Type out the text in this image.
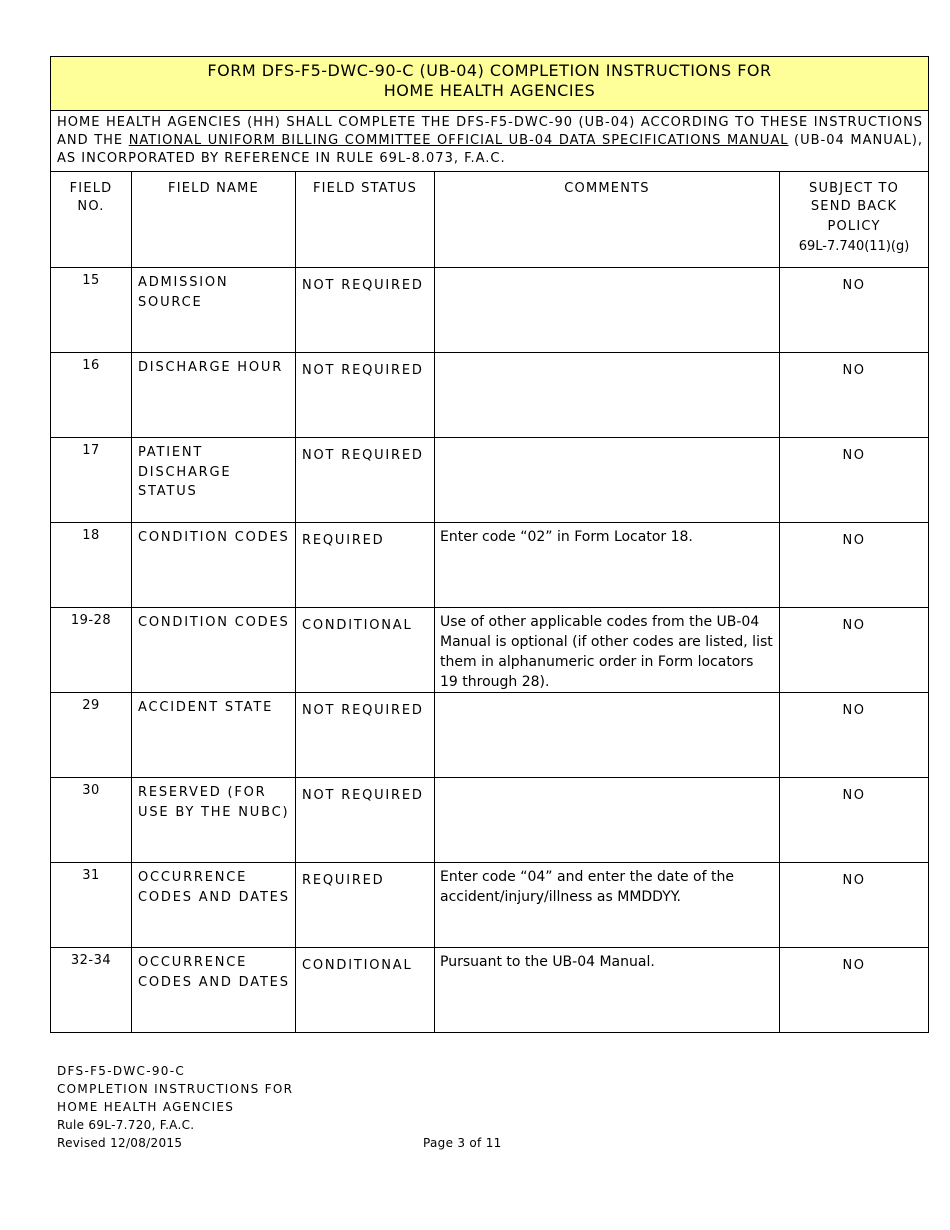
FORM DFS-F5-DWC-90-C (UB-04) COMPLETION INSTRUCTIONS FOR
HOME HEALTH AGENCIES				

HOME HEALTH AGENCIES (HH) SHALL COMPLETE THE DFS-F5-DWC-90 (UB-04) ACCORDING TO THESE INSTRUCTIONS AND THE NATIONAL UNIFORM BILLING COMMITTEE OFFICIAL UB-04 DATA SPECIFICATIONS MANUAL (UB-04 MANUAL), AS INCORPORATED BY REFERENCE IN RULE 69L-8.073, F.A.C.				
FIELD NO.	FIELD NAME	FIELD STATUS	COMMENTS	SUBJECT TO SEND BACK
POLICY
69L-7.740(11)(g)

15	ADMISSION SOURCE	NOT REQUIRED		NO
16	DISCHARGE HOUR	NOT REQUIRED		NO
17	PATIENT DISCHARGE STATUS	NOT REQUIRED		NO
18	CONDITION CODES	REQUIRED	Enter code “02” in Form Locator 18.	NO
19-28	CONDITION CODES	CONDITIONAL	Use of other applicable codes from the UB-04 Manual is optional (if other codes are listed, list them in alphanumeric order in Form locators 19 through 28).	NO
29	ACCIDENT STATE	NOT REQUIRED		NO
30	RESERVED (FOR USE BY THE NUBC)	NOT REQUIRED		NO
31	OCCURRENCE CODES AND DATES	REQUIRED	Enter code “04” and enter the date of the accident/injury/illness as MMDDYY.	NO
32-34	OCCURRENCE CODES AND DATES	CONDITIONAL	Pursuant to the UB-04 Manual.	NO
DFS-F5-DWC-90-C
COMPLETION INSTRUCTIONS FOR
HOME HEALTH AGENCIES
Rule 69L-7.720, F.A.C.
Revised 12/08/2015	Page 3 of 11
